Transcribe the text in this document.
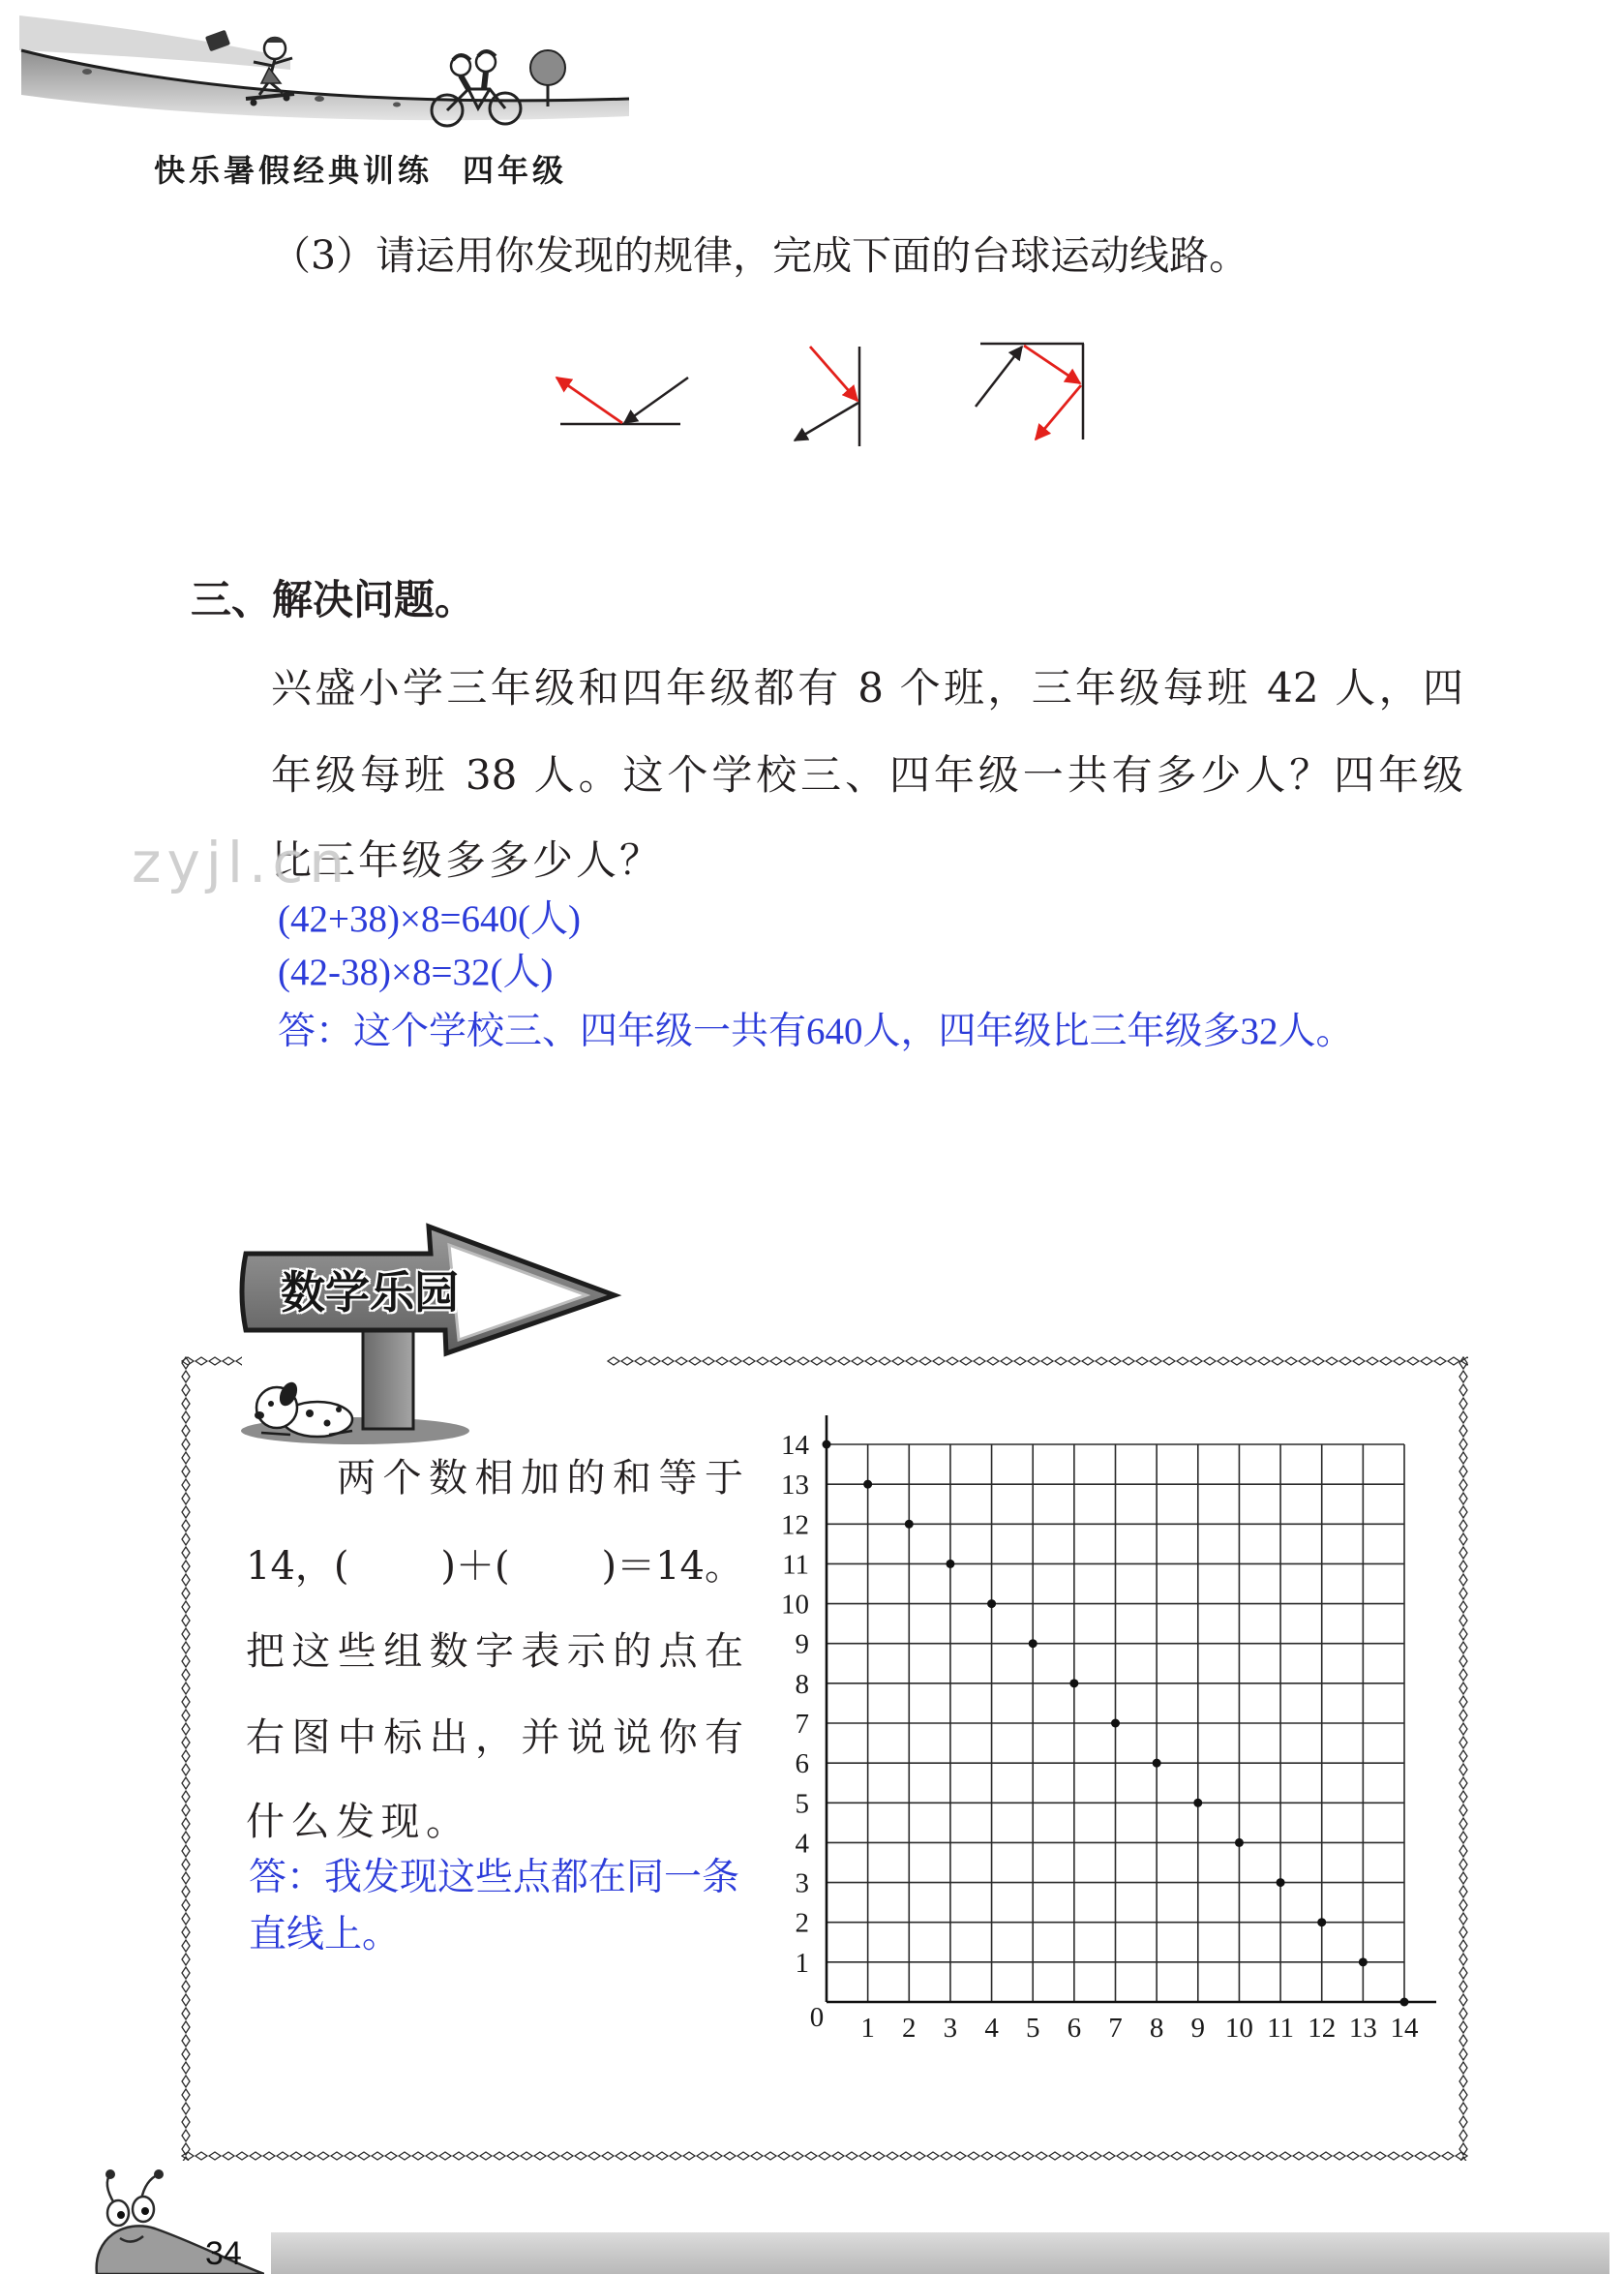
快乐暑假经典训练 四年级
（3）请运用你发现的规律，完成下面的台球运动线路。
三、解决问题。
兴盛小学三年级和四年级都有 8 个班，三年级每班 42 人，四
年级每班 38 人。这个学校三、四年级一共有多少人？四年级
比三年级多多少人？
zyjl.cn
(42+38)×8=640(人)
(42-38)×8=32(人)
答：这个学校三、四年级一共有640人，四年级比三年级多32人。
数学乐园
两个数相加的和等于
14，( )＋( )＝14。
把这些组数字表示的点在
右图中标出，并说说你有
什么发现。
答：我发现这些点都在同一条
直线上。
1 2 3 4 5 6 7 8 9 10 11 12 13 14
1
2
3
4
5
6
7
8
9
10
11
12
13
14
0
34
